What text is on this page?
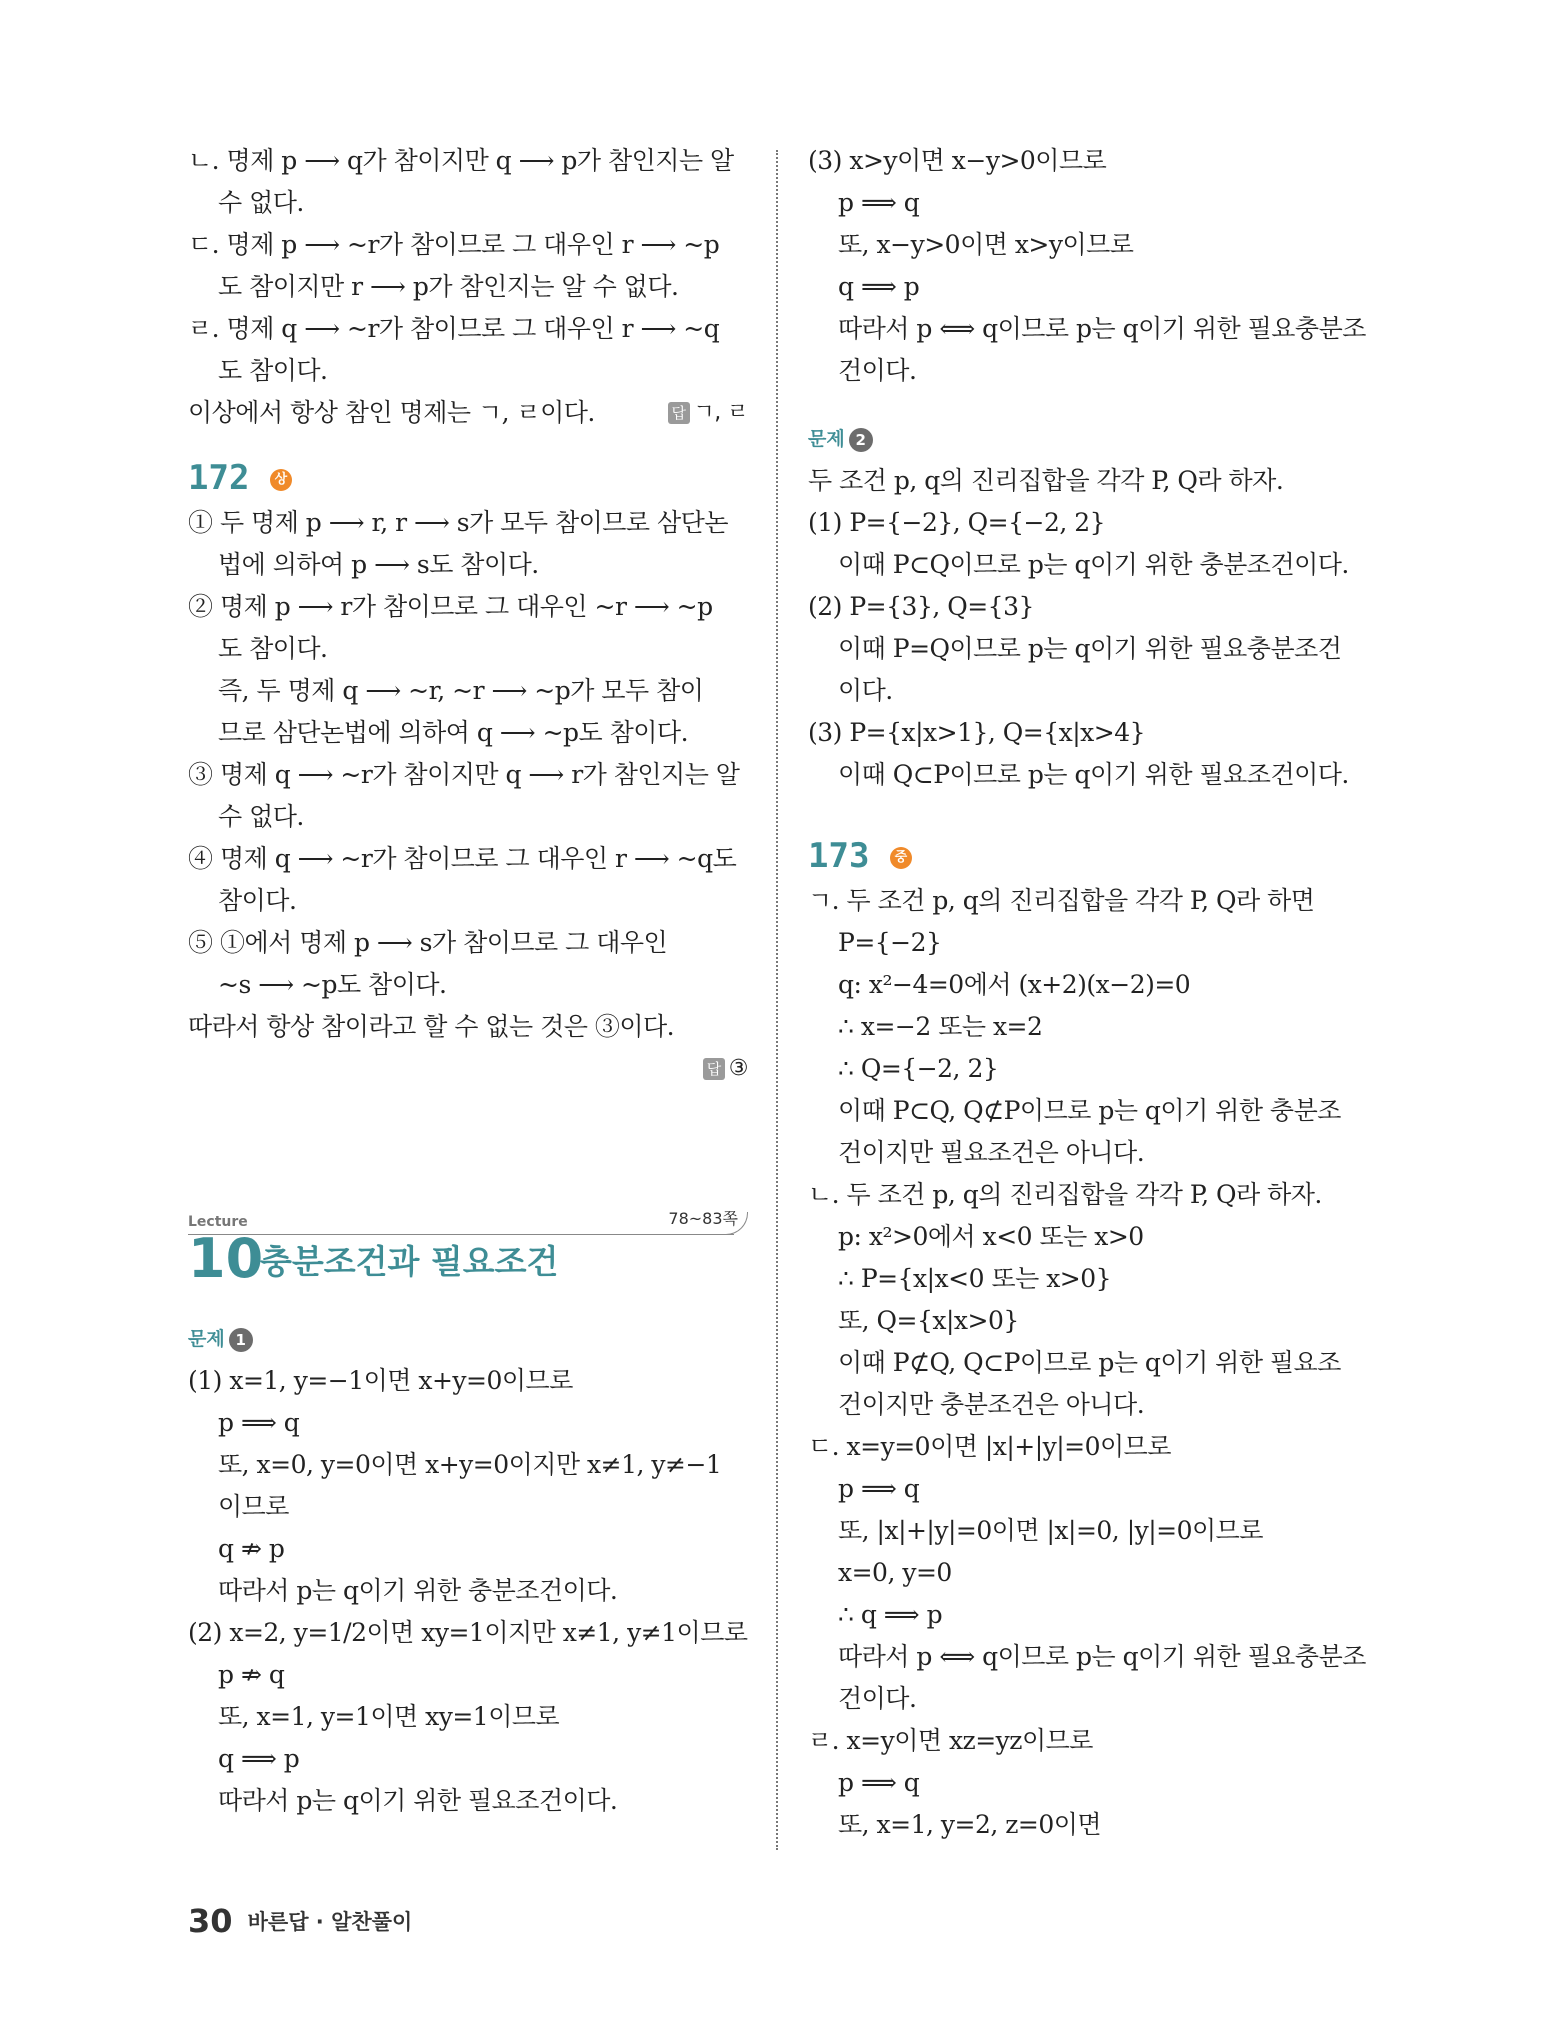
ㄴ. 명제 p ⟶ q가 참이지만 q ⟶ p가 참인지는 알
수 없다.
ㄷ. 명제 p ⟶ ~r가 참이므로 그 대우인 r ⟶ ~p
도 참이지만 r ⟶ p가 참인지는 알 수 없다.
ㄹ. 명제 q ⟶ ~r가 참이므로 그 대우인 r ⟶ ~q
도 참이다.
이상에서 항상 참인 명제는 ㄱ, ㄹ이다.	답 ㄱ, ㄹ
172 상
① 두 명제 p ⟶ r, r ⟶ s가 모두 참이므로 삼단논
법에 의하여 p ⟶ s도 참이다.
② 명제 p ⟶ r가 참이므로 그 대우인 ~r ⟶ ~p
도 참이다.
즉, 두 명제 q ⟶ ~r, ~r ⟶ ~p가 모두 참이
므로 삼단논법에 의하여 q ⟶ ~p도 참이다.
③ 명제 q ⟶ ~r가 참이지만 q ⟶ r가 참인지는 알
수 없다.
④ 명제 q ⟶ ~r가 참이므로 그 대우인 r ⟶ ~q도
참이다.
⑤ ①에서 명제 p ⟶ s가 참이므로 그 대우인
~s ⟶ ~p도 참이다.
따라서 항상 참이라고 할 수 없는 것은 ③이다.
답 ③

78~83쪽
Lecture
10
충분조건과 필요조건
문제 1
(1) x=1, y=−1이면 x+y=0이므로
p ⟹ q
또, x=0, y=0이면 x+y=0이지만 x≠1, y≠−1
이므로
q ⇏ p
따라서 p는 q이기 위한 충분조건이다.
(2) x=2, y=1/2이면 xy=1이지만 x≠1, y≠1이므로
p ⇏ q
또, x=1, y=1이면 xy=1이므로
q ⟹ p
따라서 p는 q이기 위한 필요조건이다.
(3) x>y이면 x−y>0이므로
p ⟹ q
또, x−y>0이면 x>y이므로
q ⟹ p
따라서 p ⟺ q이므로 p는 q이기 위한 필요충분조
건이다.
문제 2
두 조건 p, q의 진리집합을 각각 P, Q라 하자.
(1) P={−2}, Q={−2, 2}
이때 P⊂Q이므로 p는 q이기 위한 충분조건이다.
(2) P={3}, Q={3}
이때 P=Q이므로 p는 q이기 위한 필요충분조건
이다.
(3) P={x|x>1}, Q={x|x>4}
이때 Q⊂P이므로 p는 q이기 위한 필요조건이다.
173 중
ㄱ. 두 조건 p, q의 진리집합을 각각 P, Q라 하면
P={−2}
q: x²−4=0에서 (x+2)(x−2)=0
∴ x=−2 또는 x=2
∴ Q={−2, 2}
이때 P⊂Q, Q⊄P이므로 p는 q이기 위한 충분조
건이지만 필요조건은 아니다.
ㄴ. 두 조건 p, q의 진리집합을 각각 P, Q라 하자.
p: x²>0에서 x<0 또는 x>0
∴ P={x|x<0 또는 x>0}
또, Q={x|x>0}
이때 P⊄Q, Q⊂P이므로 p는 q이기 위한 필요조
건이지만 충분조건은 아니다.
ㄷ. x=y=0이면 |x|+|y|=0이므로
p ⟹ q
또, |x|+|y|=0이면 |x|=0, |y|=0이므로
x=0, y=0
∴ q ⟹ p
따라서 p ⟺ q이므로 p는 q이기 위한 필요충분조
건이다.
ㄹ. x=y이면 xz=yz이므로
p ⟹ q
또, x=1, y=2, z=0이면
30 바른답 · 알찬풀이
